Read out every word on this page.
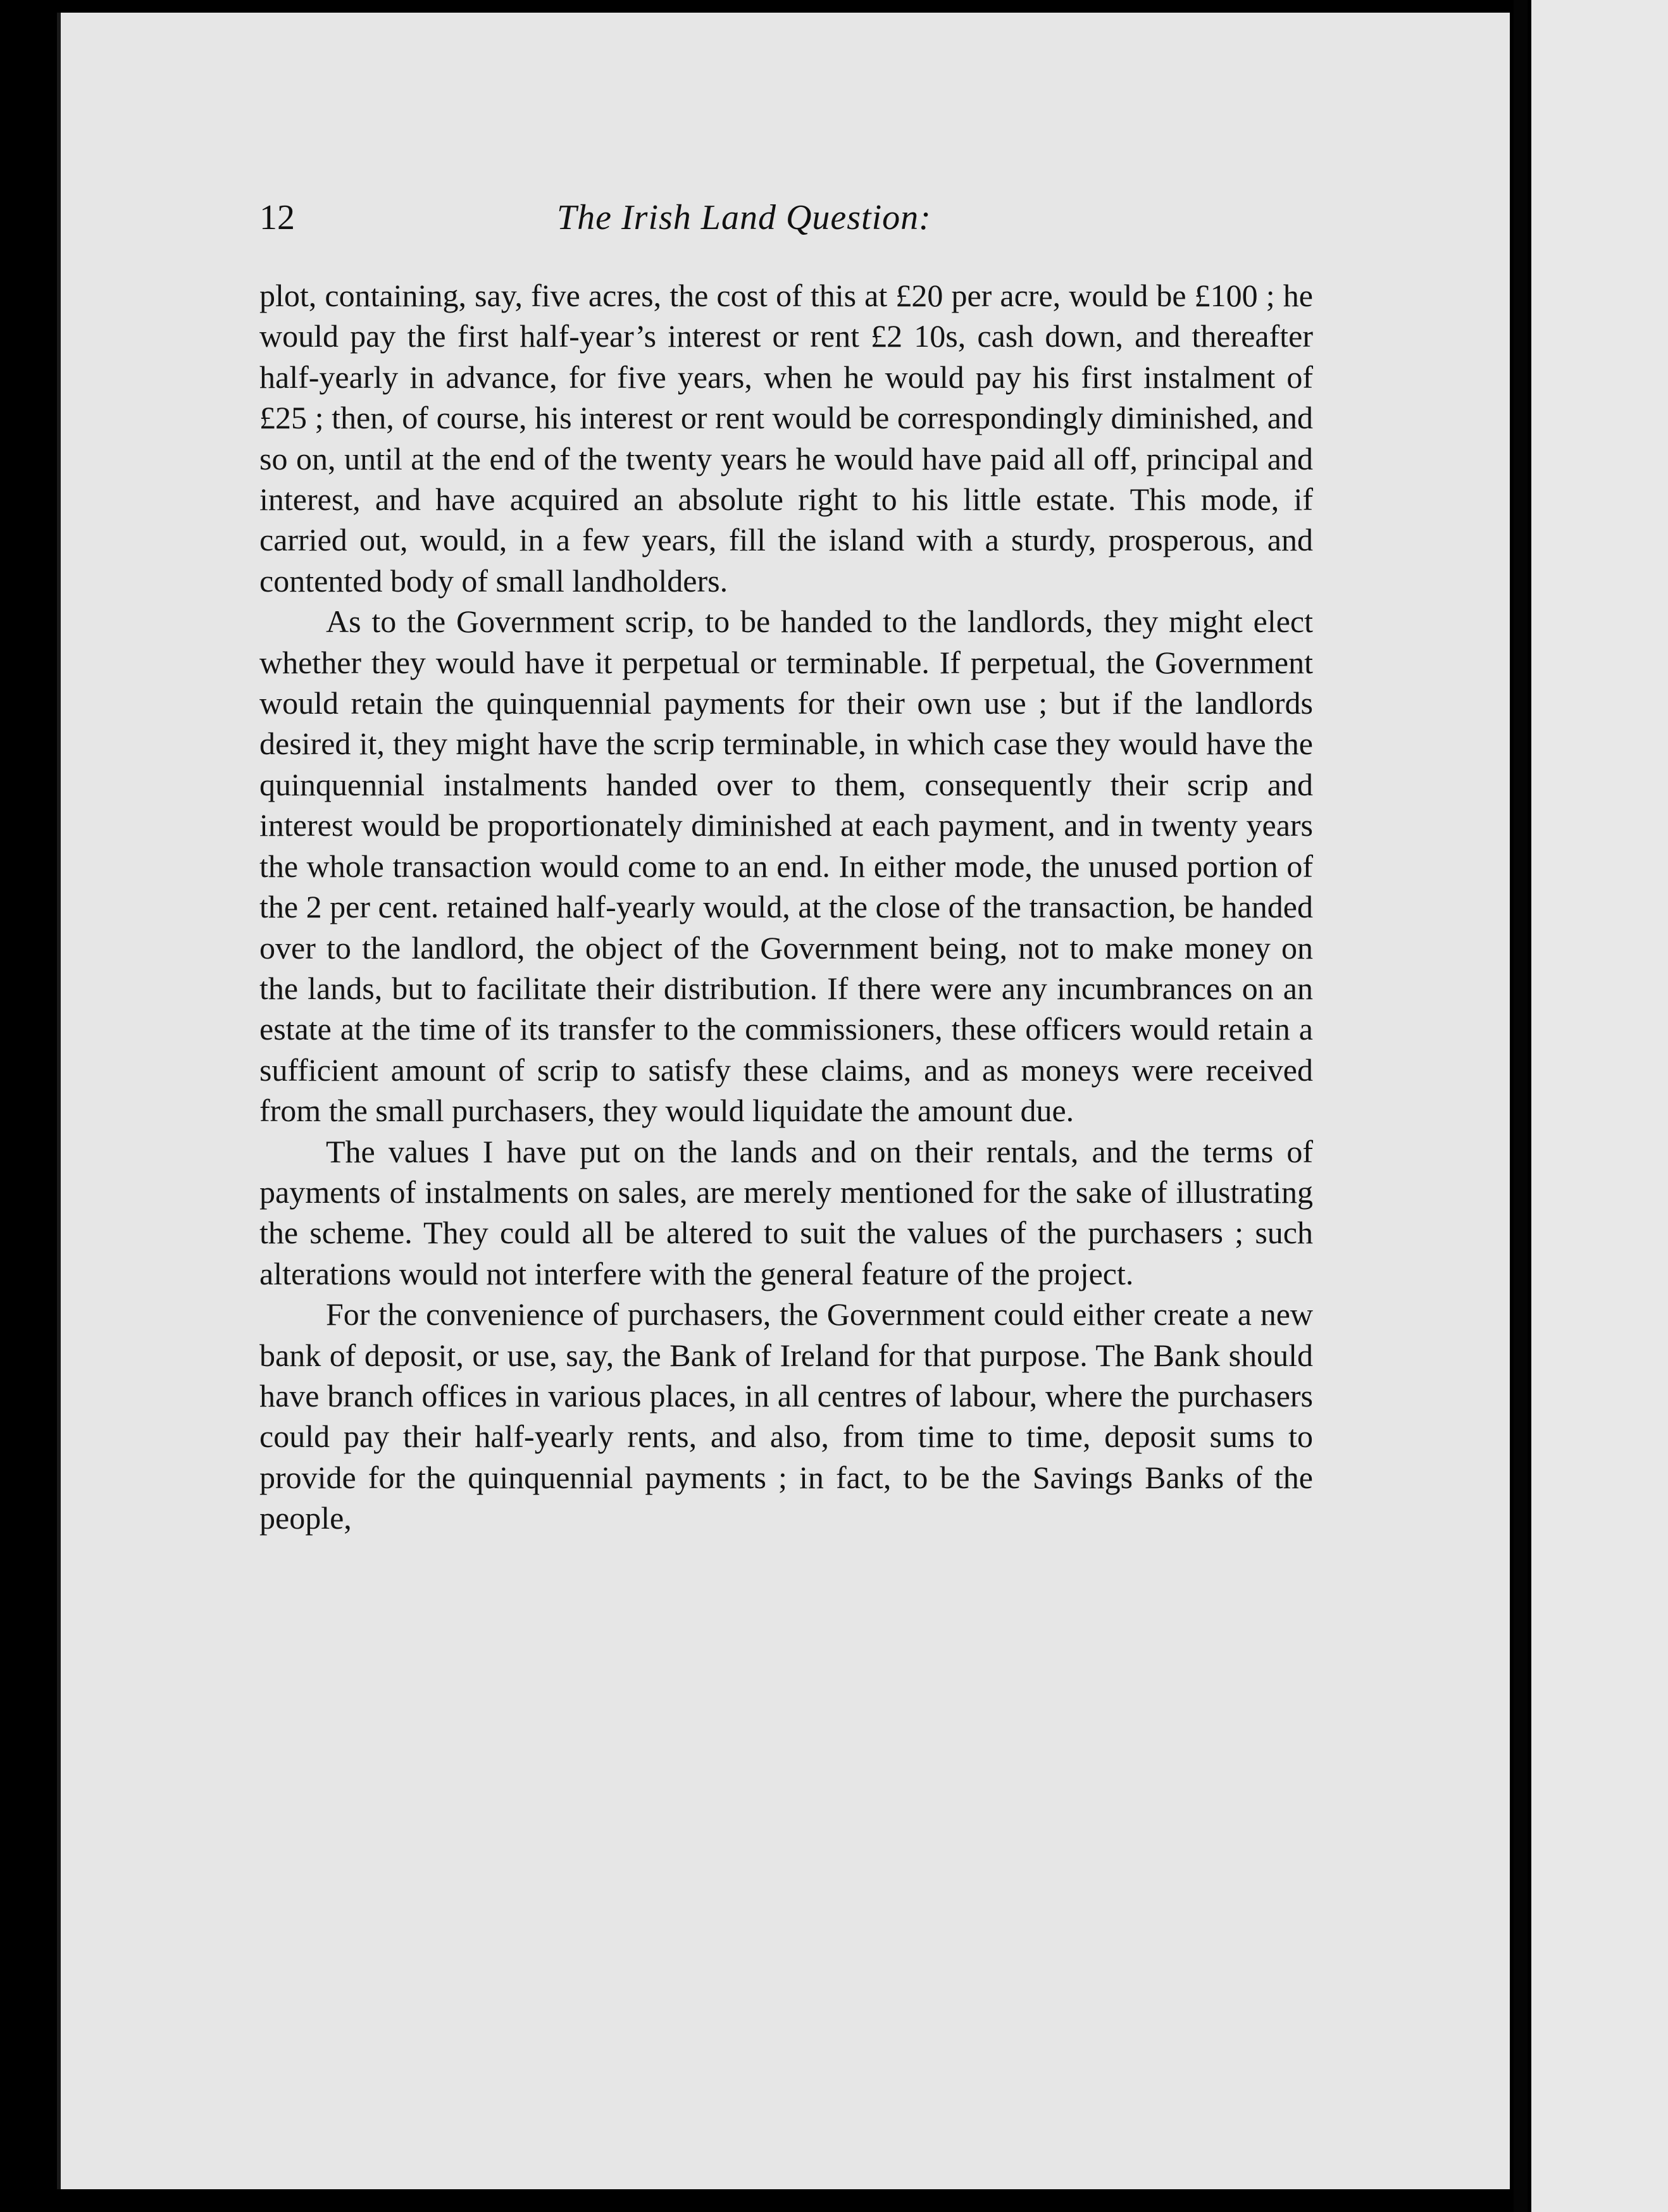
12	The Irish Land Question:

plot, containing, say, five acres, the cost of this at £20 per acre, would be £100 ; he would pay the first half-year’s interest or rent £2 10s, cash down, and thereafter half-yearly in advance, for five years, when he would pay his first instalment of £25 ; then, of course, his interest or rent would be correspondingly diminished, and so on, until at the end of the twenty years he would have paid all off, principal and interest, and have acquired an absolute right to his little estate. This mode, if carried out, would, in a few years, fill the island with a sturdy, prosperous, and contented body of small landholders.

As to the Government scrip, to be handed to the landlords, they might elect whether they would have it perpetual or terminable. If perpetual, the Government would retain the quinquennial payments for their own use ; but if the landlords desired it, they might have the scrip terminable, in which case they would have the quinquennial instalments handed over to them, consequently their scrip and interest would be proportionately diminished at each payment, and in twenty years the whole transaction would come to an end. In either mode, the unused portion of the 2 per cent. retained half-yearly would, at the close of the transaction, be handed over to the landlord, the object of the Government being, not to make money on the lands, but to facilitate their distribution. If there were any incumbrances on an estate at the time of its transfer to the commissioners, these officers would retain a sufficient amount of scrip to satisfy these claims, and as moneys were received from the small purchasers, they would liquidate the amount due.

The values I have put on the lands and on their rentals, and the terms of payments of instalments on sales, are merely mentioned for the sake of illustrating the scheme. They could all be altered to suit the values of the purchasers ; such alterations would not interfere with the general feature of the project.

For the convenience of purchasers, the Government could either create a new bank of deposit, or use, say, the Bank of Ireland for that purpose. The Bank should have branch offices in various places, in all centres of labour, where the purchasers could pay their half-yearly rents, and also, from time to time, deposit sums to provide for the quinquennial payments ; in fact, to be the Savings Banks of the people,
